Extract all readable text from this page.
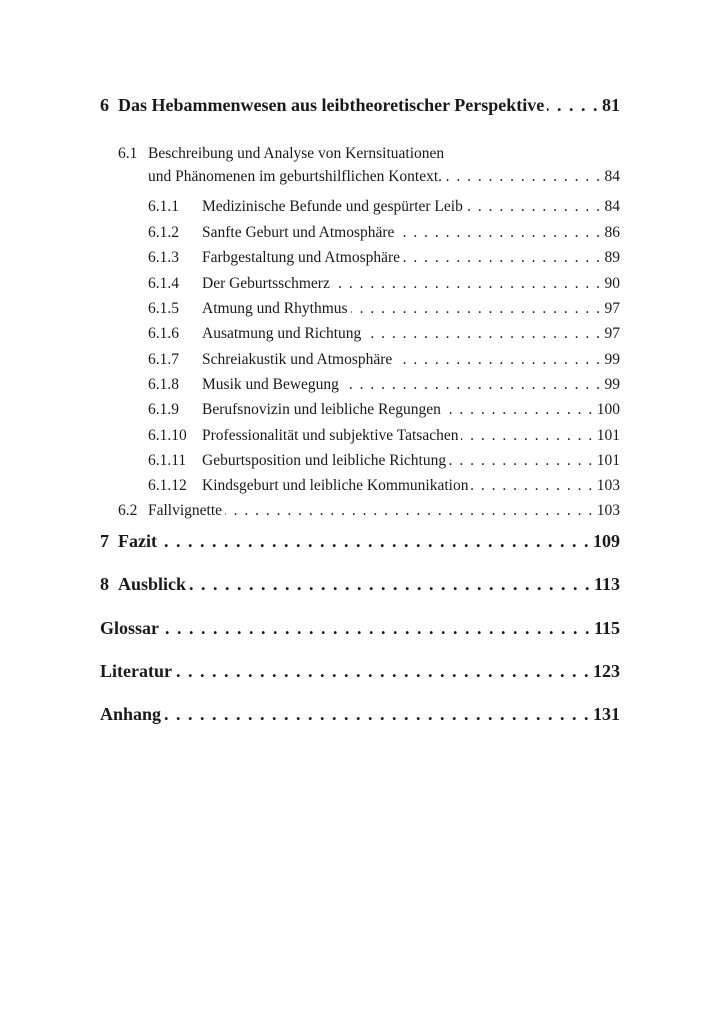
6 Das Hebammenwesen aus leibtheoretischer Perspektive . . .	81
6.1 Beschreibung und Analyse von Kernsituationen
und Phänomenen im geburtshilflichen Kontext. . . .	84
6.1.1	Medizinische Befunde und gespürter Leib . . .	84
6.1.2	Sanfte Geburt und Atmosphäre . . .	86
6.1.3	Farbgestaltung und Atmosphäre . . .	89
6.1.4	Der Geburtsschmerz . . .	90
6.1.5	Atmung und Rhythmus . . .	97
6.1.6	Ausatmung und Richtung . . .	97
6.1.7	Schreiakustik und Atmosphäre . . .	99
6.1.8	Musik und Bewegung . . .	99
6.1.9	Berufsnovizin und leibliche Regungen . . .	100
6.1.10 Professionalität und subjektive Tatsachen . . .	101
6.1.11	Geburtsposition und leibliche Richtung . . .	101
6.1.12 Kindsgeburt und leibliche Kommunikation . . .	103
6.2 Fallvignette . . .	103
7 Fazit . . .	109
8 Ausblick . . .	113
Glossar . . .	115
Literatur . . .	123
Anhang . . .	131
